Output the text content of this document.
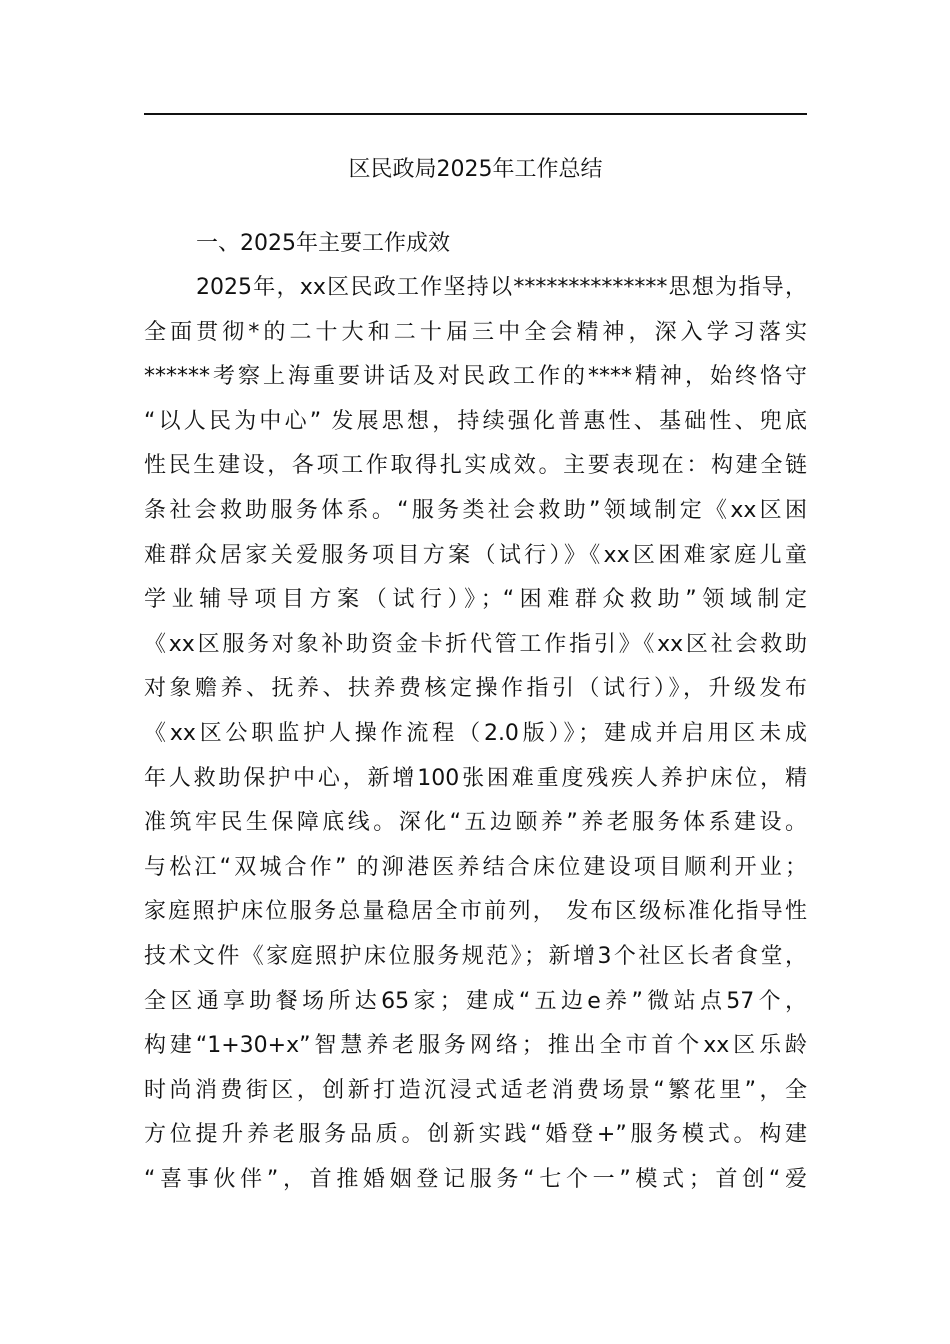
区民政局2025年工作总结
一、2025年主要工作成效
2025年，xx区民政工作坚持以**************思想为指导，
全面贯彻*的二十大和二十届三中全会精神，深入学习落实
******考察上海重要讲话及对民政工作的****精神，始终恪守
“以人民为中心” 发展思想，持续强化普惠性、基础性、兜底
性民生建设，各项工作取得扎实成效。主要表现在：构建全链
条社会救助服务体系。“服务类社会救助”领域制定《xx区困
难群众居家关爱服务项目方案（试行）》《xx区困难家庭儿童
学业辅导项目方案（试行）》；“困难群众救助”领域制定
《xx区服务对象补助资金卡折代管工作指引》《xx区社会救助
对象赡养、抚养、扶养费核定操作指引（试行）》，升级发布
《xx区公职监护人操作流程（2.0版）》；建成并启用区未成
年人救助保护中心，新增100张困难重度残疾人养护床位，精
准筑牢民生保障底线。深化“五边颐养”养老服务体系建设。
与松江“双城合作” 的泖港医养结合床位建设项目顺利开业；
家庭照护床位服务总量稳居全市前列， 发布区级标准化指导性
技术文件《家庭照护床位服务规范》；新增3个社区长者食堂，
全区通享助餐场所达65家；建成“五边e养”微站点57个，
构建“1+30+x”智慧养老服务网络；推出全市首个xx区乐龄
时尚消费街区，创新打造沉浸式适老消费场景“繁花里”，全
方位提升养老服务品质。创新实践“婚登+”服务模式。构建
“喜事伙伴”，首推婚姻登记服务“七个一”模式；首创“爱
